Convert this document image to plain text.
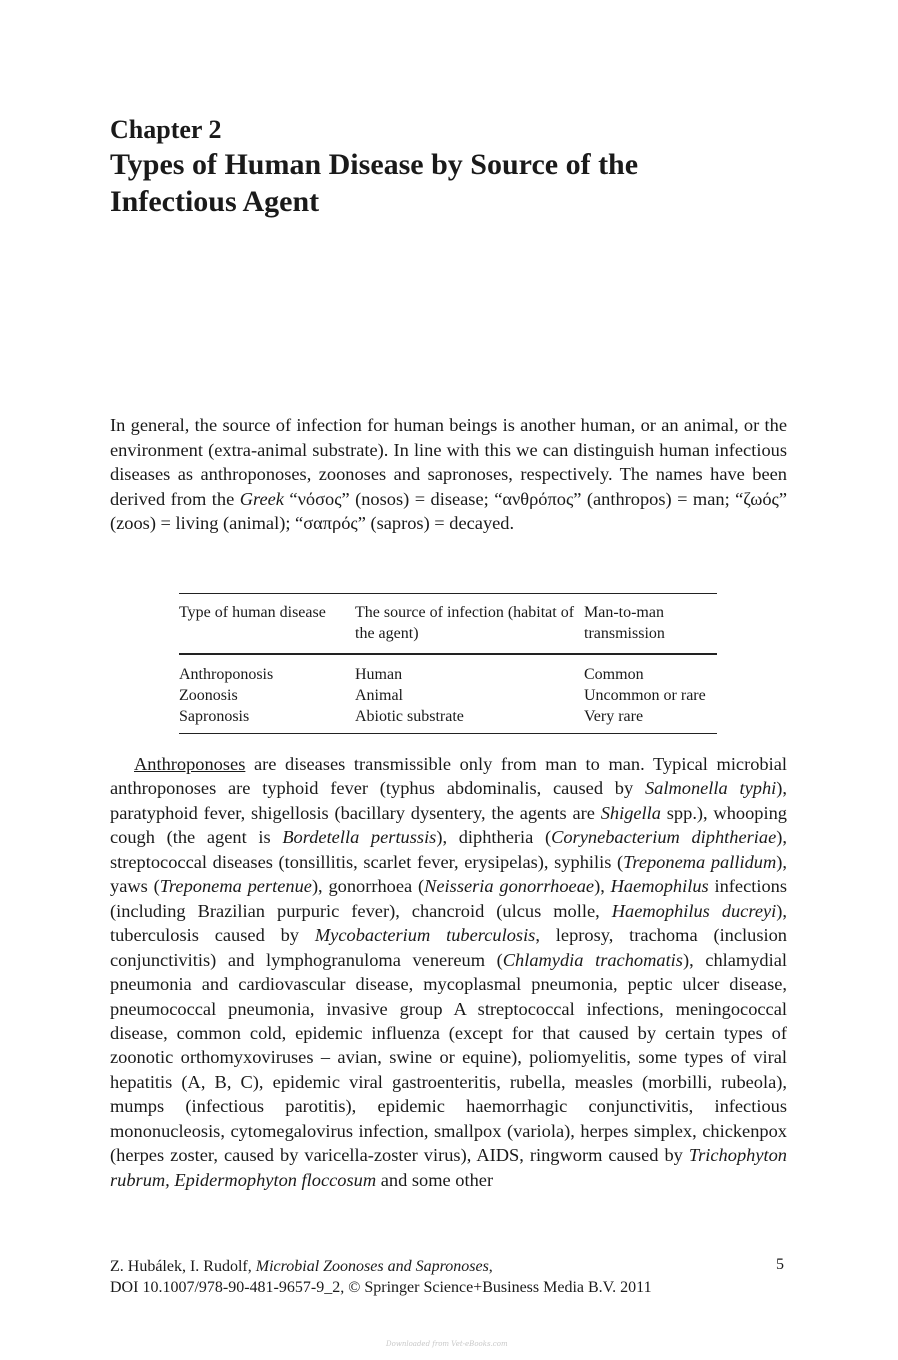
Chapter 2
Types of Human Disease by Source of the Infectious Agent

In general, the source of infection for human beings is another human, or an animal, or the environment (extra-animal substrate). In line with this we can distinguish human infectious diseases as anthroponoses, zoonoses and sapronoses, respectively. The names have been derived from the Greek “νόσος” (nosos) = disease; “ανθρόπος” (anthropos) = man; “ζωός” (zoos) = living (animal); “σαπρός” (sapros) = decayed.

Type of human disease	The source of infection (habitat of the agent)	Man-to-man transmission
Anthroponosis	Human	Common
Zoonosis	Animal	Uncommon or rare
Sapronosis	Abiotic substrate	Very rare

Anthroponoses are diseases transmissible only from man to man. Typical microbial anthroponoses are typhoid fever (typhus abdominalis, caused by Salmonella typhi), paratyphoid fever, shigellosis (bacillary dysentery, the agents are Shigella spp.), whooping cough (the agent is Bordetella pertussis), diphtheria (Corynebacterium diphtheriae), streptococcal diseases (tonsillitis, scarlet fever, erysipelas), syphilis (Treponema pallidum), yaws (Treponema pertenue), gonorrhoea (Neisseria gonorrhoeae), Haemophilus infections (including Brazilian purpuric fever), chancroid (ulcus molle, Haemophilus ducreyi), tuberculosis caused by Mycobacterium tuberculosis, leprosy, trachoma (inclusion conjunctivitis) and lymphogranuloma venereum (Chlamydia trachomatis), chlamydial pneumonia and cardiovascular disease, mycoplasmal pneumonia, peptic ulcer disease, pneumococcal pneumonia, invasive group A streptococcal infections, meningococcal disease, common cold, epidemic influenza (except for that caused by certain types of zoonotic orthomyxoviruses – avian, swine or equine), poliomyelitis, some types of viral hepatitis (A, B, C), epidemic viral gastroenteritis, rubella, measles (morbilli, rubeola), mumps (infectious parotitis), epidemic haemorrhagic conjunctivitis, infectious mononucleosis, cytomegalovirus infection, smallpox (variola), herpes simplex, chickenpox (herpes zoster, caused by varicella-zoster virus), AIDS, ringworm caused by Trichophyton rubrum, Epidermophyton floccosum and some other

Z. Hubálek, I. Rudolf, Microbial Zoonoses and Sapronoses,
DOI 10.1007/978-90-481-9657-9_2, © Springer Science+Business Media B.V. 2011
5
Downloaded from Vet-eBooks.com
